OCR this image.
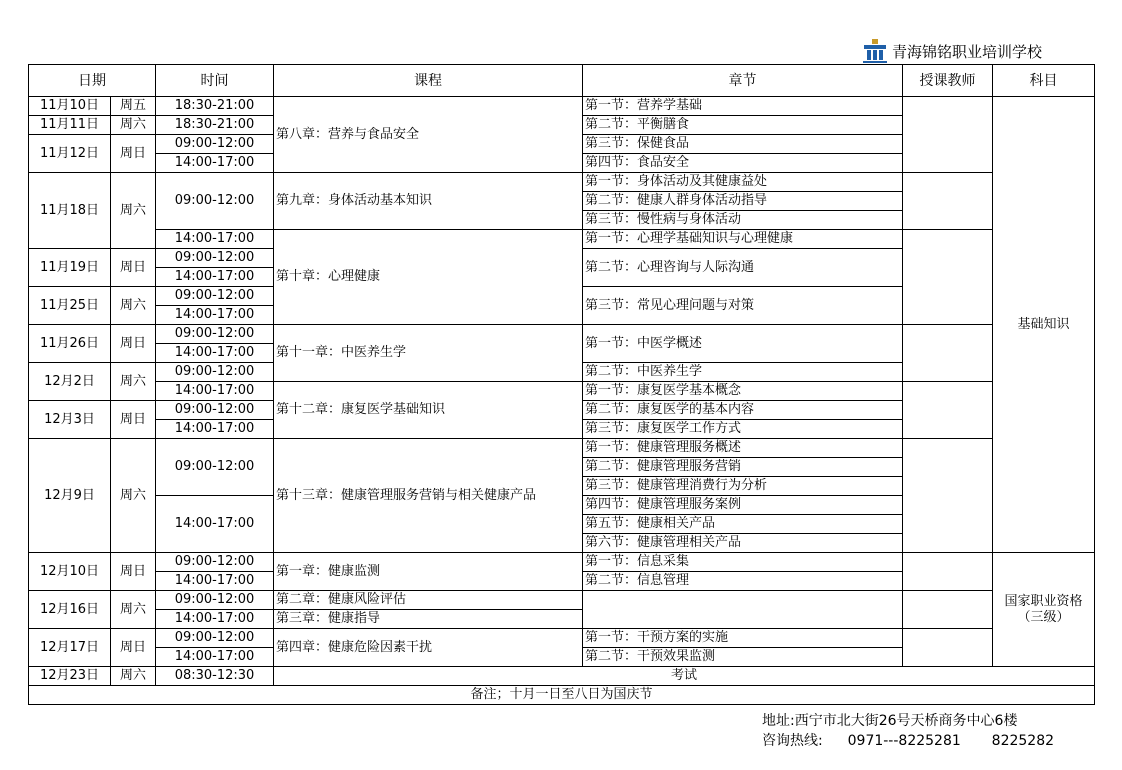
青海锦铭职业培训学校
日期		时间	课程	章节	授课教师	科目
11月10日	周五	18:30-21:00	第八章：营养与食品安全	第一节：营养学基础		基础知识
11月11日	周六	18:30-21:00		第二节：平衡膳食		
11月12日	周日	09:00-12:00		第三节：保健食品		
		14:00-17:00		第四节：食品安全		
11月18日	周六	09:00-12:00	第九章：身体活动基本知识	第一节：身体活动及其健康益处		
				第二节：健康人群身体活动指导		
				第三节：慢性病与身体活动		
		14:00-17:00	第十章：心理健康	第一节：心理学基础知识与心理健康		
11月19日	周日	09:00-12:00		第二节：心理咨询与人际沟通		
		14:00-17:00				
11月25日	周六	09:00-12:00		第三节：常见心理问题与对策		
		14:00-17:00				
11月26日	周日	09:00-12:00	第十一章：中医养生学	第一节：中医学概述		
		14:00-17:00				
12月2日	周六	09:00-12:00		第二节：中医养生学		
		14:00-17:00	第十二章：康复医学基础知识	第一节：康复医学基本概念		
12月3日	周日	09:00-12:00		第二节：康复医学的基本内容		
		14:00-17:00		第三节：康复医学工作方式		
12月9日	周六	09:00-12:00	第十三章：健康管理服务营销与相关健康产品	第一节：健康管理服务概述		
				第二节：健康管理服务营销		
				第三节：健康管理消费行为分析		
		14:00-17:00		第四节：健康管理服务案例		
				第五节：健康相关产品		
				第六节：健康管理相关产品		
12月10日	周日	09:00-12:00	第一章：健康监测	第一节：信息采集		国家职业资格
（三级）
		14:00-17:00		第二节：信息管理		
12月16日	周六	09:00-12:00	第二章：健康风险评估			
		14:00-17:00	第三章：健康指导			
12月17日	周日	09:00-12:00	第四章：健康危险因素干扰	第一节：干预方案的实施		
		14:00-17:00		第二节：干预效果监测		
12月23日	周六	08:30-12:30	考试			
备注；十月一日至八日为国庆节						
地址:西宁市北大街26号天桥商务中心6楼
咨询热线: 0971---8225281 8225282
